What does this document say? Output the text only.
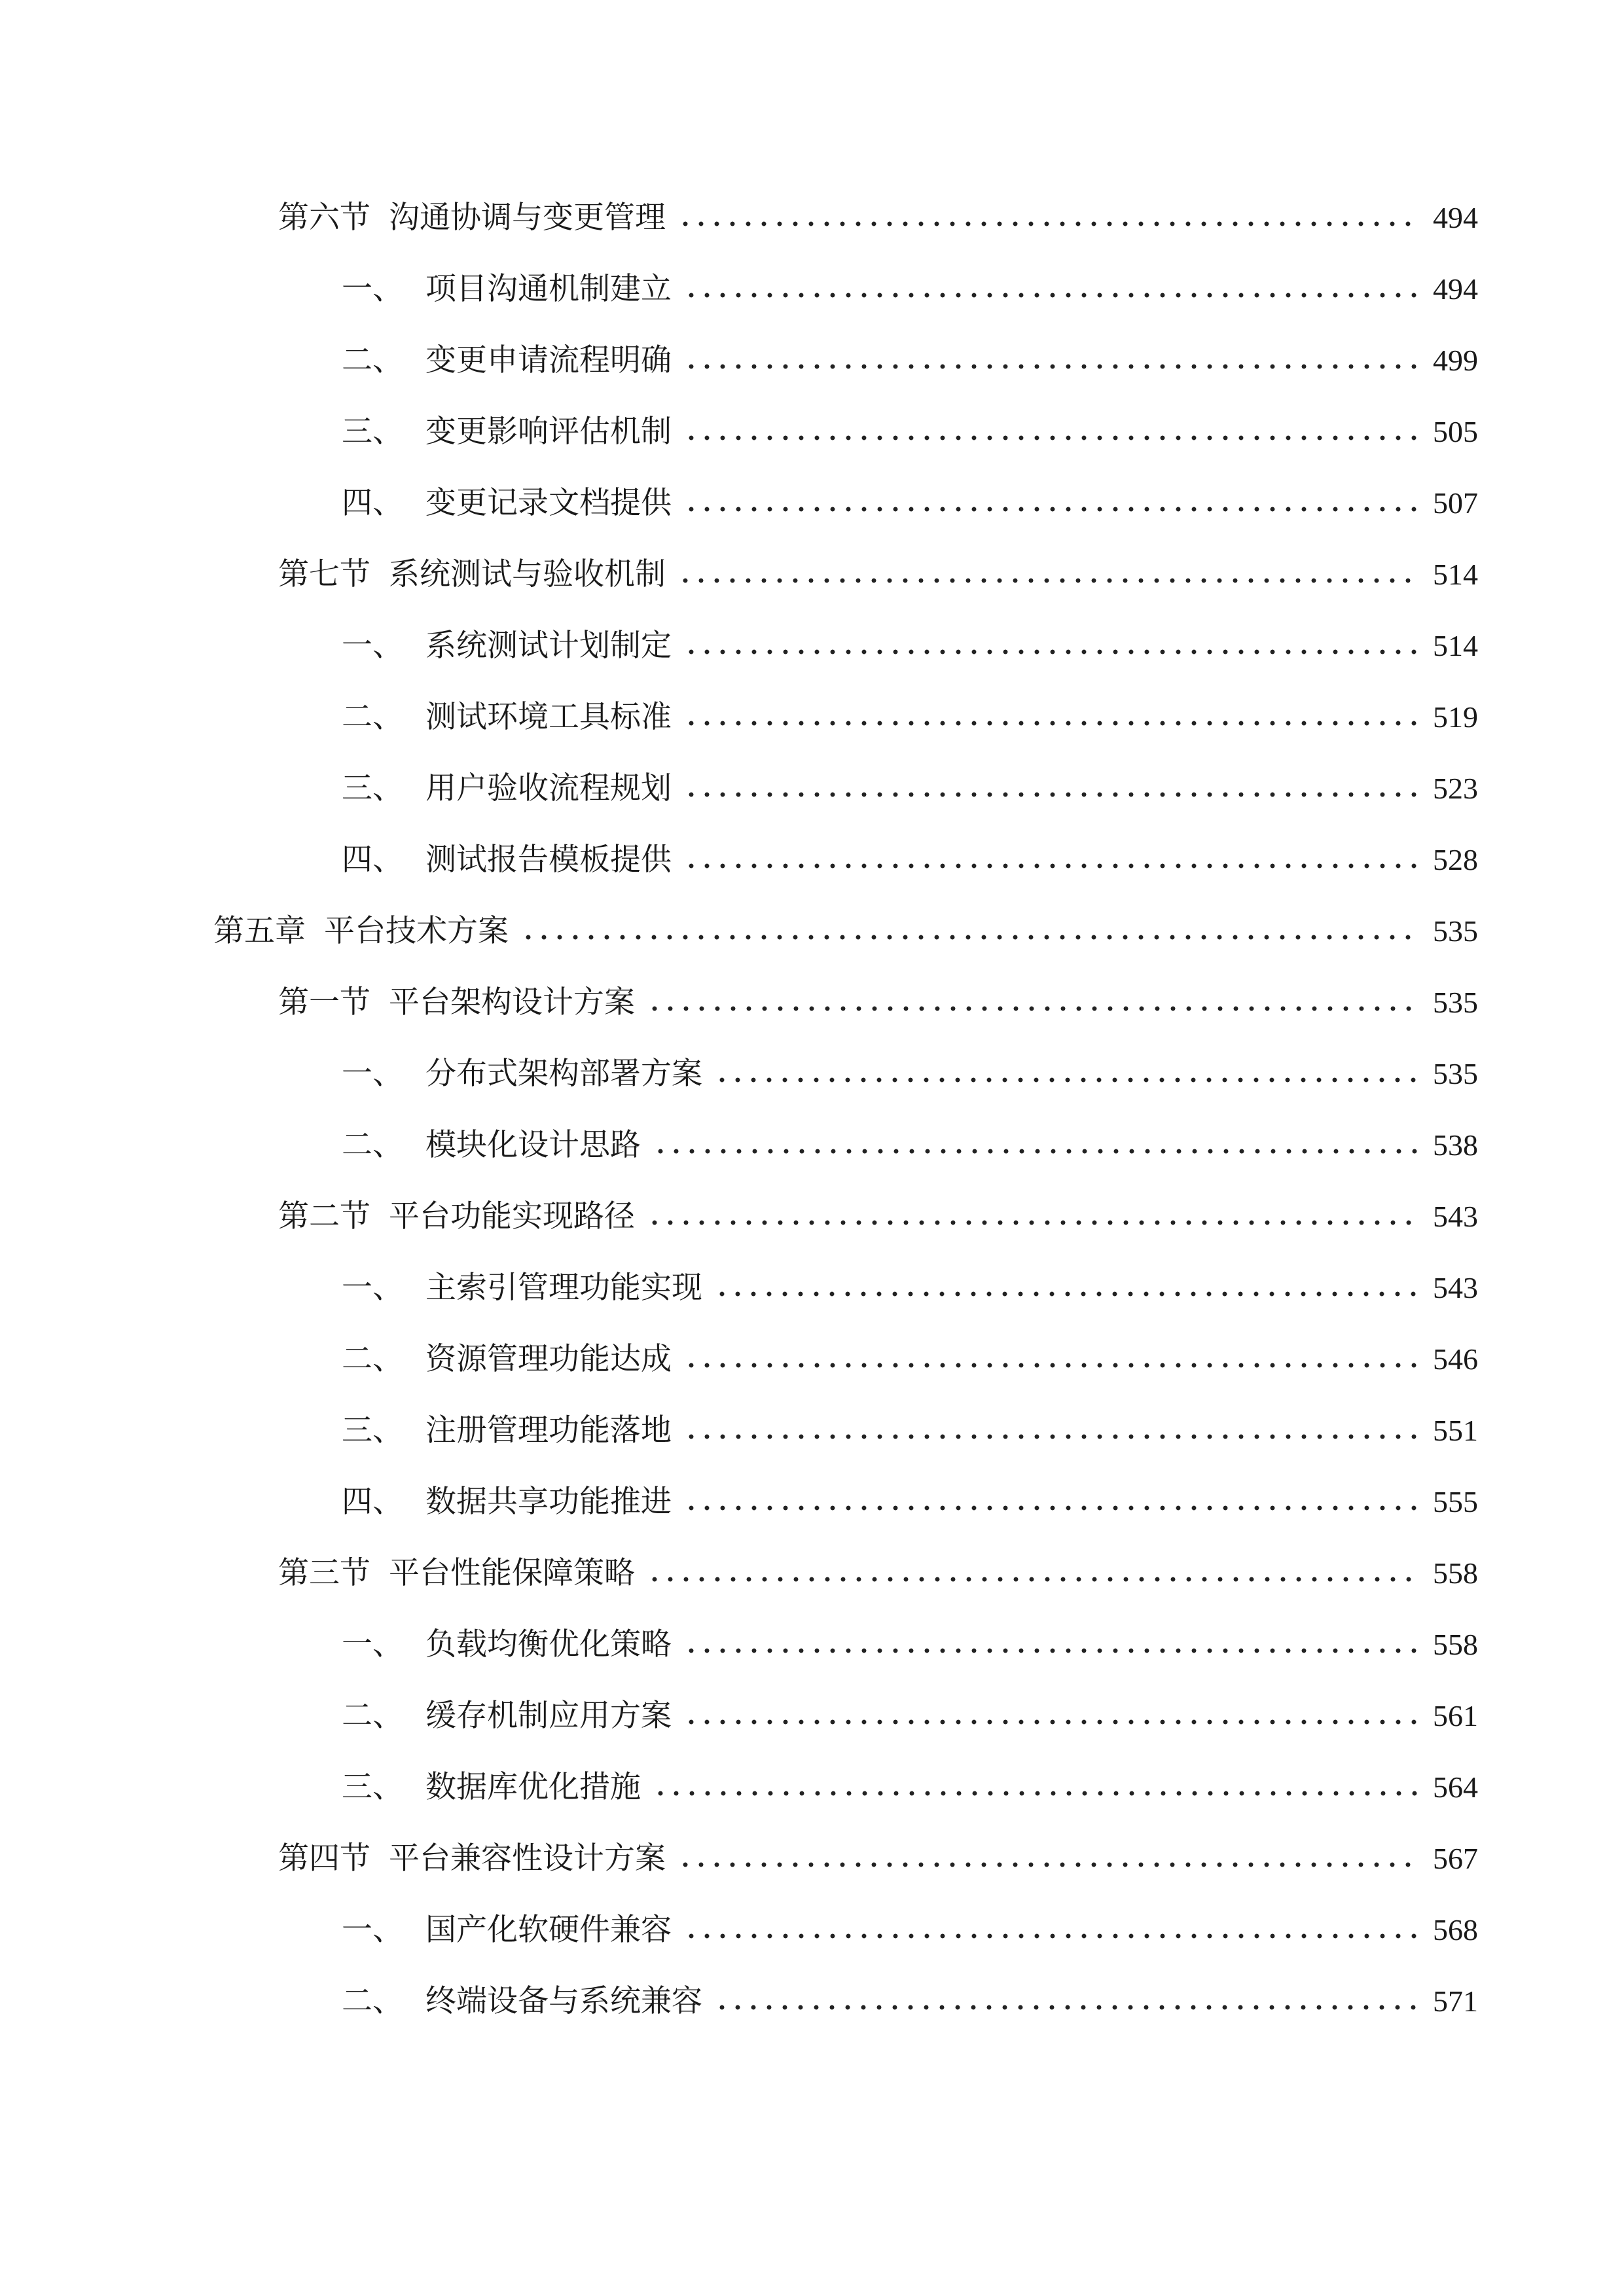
第六节 沟通协调与变更管理	494
一、 项目沟通机制建立	494
二、 变更申请流程明确	499
三、 变更影响评估机制	505
四、 变更记录文档提供	507
第七节 系统测试与验收机制	514
一、 系统测试计划制定	514
二、 测试环境工具标准	519
三、 用户验收流程规划	523
四、 测试报告模板提供	528
第五章 平台技术方案	535
第一节 平台架构设计方案	535
一、 分布式架构部署方案	535
二、 模块化设计思路	538
第二节 平台功能实现路径	543
一、 主索引管理功能实现	543
二、 资源管理功能达成	546
三、 注册管理功能落地	551
四、 数据共享功能推进	555
第三节 平台性能保障策略	558
一、 负载均衡优化策略	558
二、 缓存机制应用方案	561
三、 数据库优化措施	564
第四节 平台兼容性设计方案	567
一、 国产化软硬件兼容	568
二、 终端设备与系统兼容	571
